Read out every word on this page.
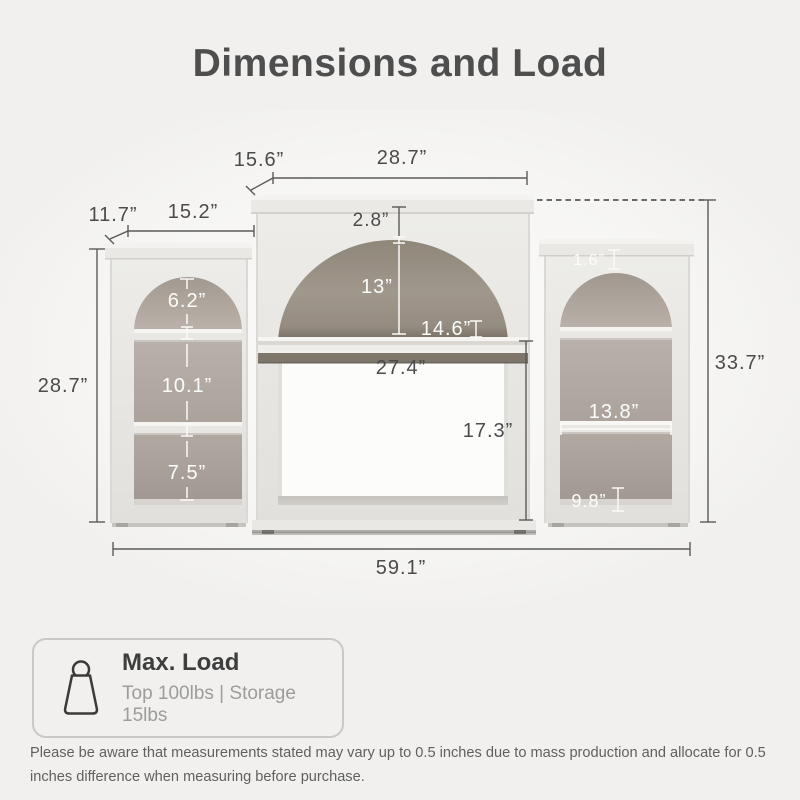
Dimensions and Load
15.6”	28.7”
11.7” 15.2”	2.8”
13”
14.6”
27.4”
17.3”
28.7”
33.7”
1.6”
6.2”
10.1”
7.5”
13.8”
9.8”
59.1”
Max. Load
Top 100lbs | Storage 15lbs

Please be aware that measurements stated may vary up to 0.5 inches due to mass production and allocate for 0.5 inches difference when measuring before purchase.
